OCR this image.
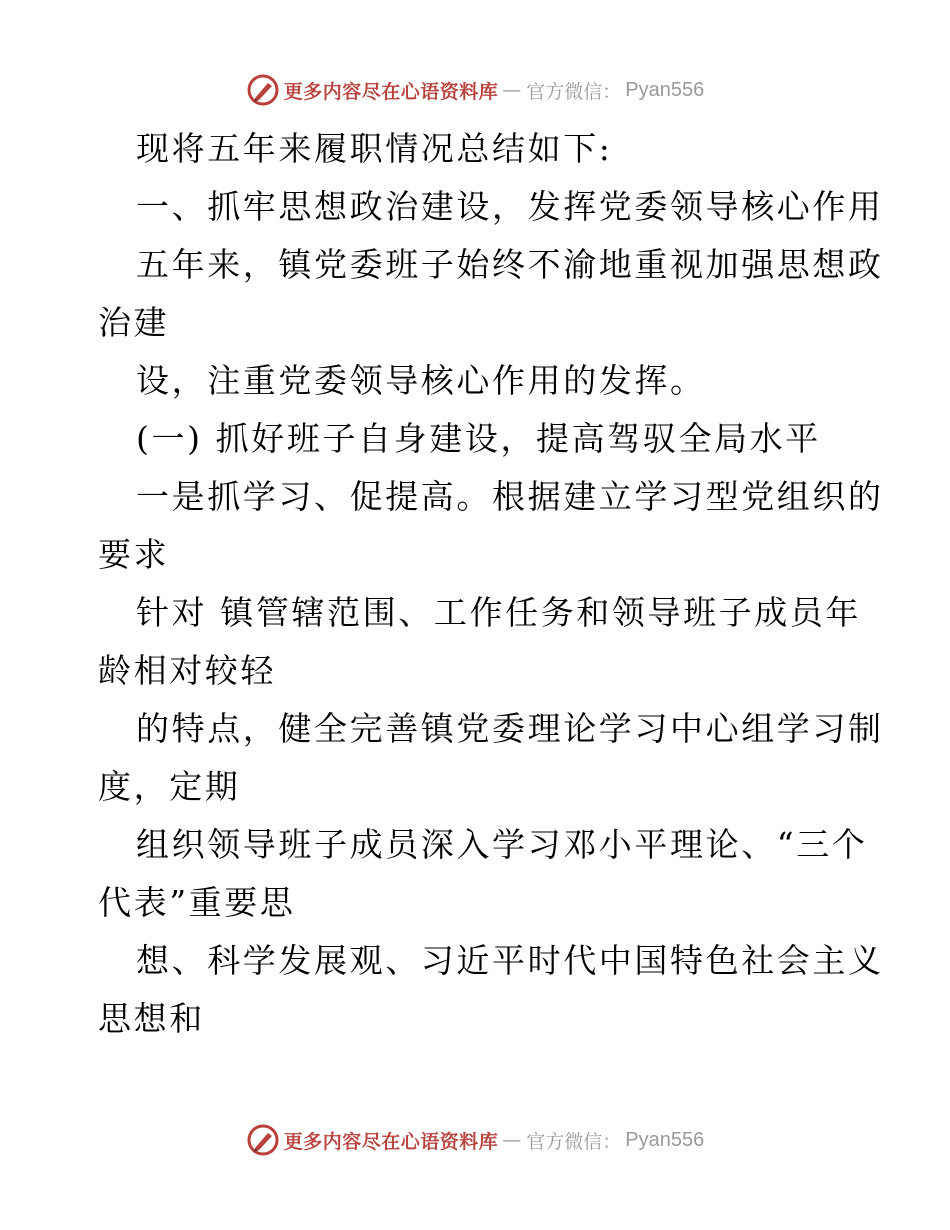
更多内容尽在心语资料库 — 官方微信： Pyan556
现将五年来履职情况总结如下:
一、抓牢思想政治建设，发挥党委领导核心作用
五年来，镇党委班子始终不渝地重视加强思想政
治建
设，注重党委领导核心作用的发挥。
(一) 抓好班子自身建设，提高驾驭全局水平
一是抓学习、促提高。根据建立学习型党组织的
要求
针对 镇管辖范围、工作任务和领导班子成员年
龄相对较轻
的特点，健全完善镇党委理论学习中心组学习制
度，定期
组织领导班子成员深入学习邓小平理论、“三个
代表”重要思
想、科学发展观、习近平时代中国特色社会主义
思想和
更多内容尽在心语资料库 — 官方微信： Pyan556
